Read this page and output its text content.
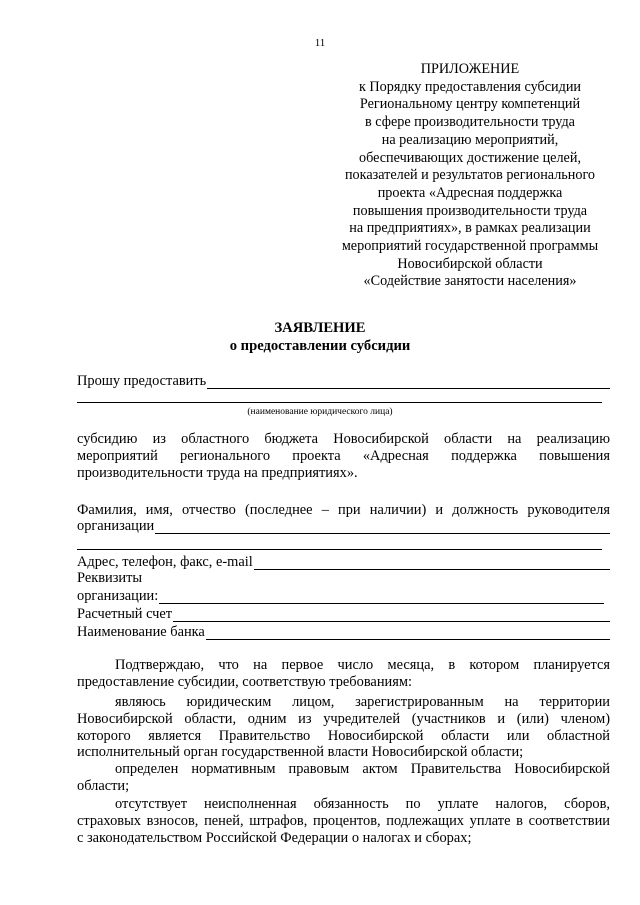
11
ПРИЛОЖЕНИЕ
к Порядку предоставления субсидии
Региональному центру компетенций
в сфере производительности труда
на реализацию мероприятий,
обеспечивающих достижение целей,
показателей и результатов регионального
проекта «Адресная поддержка
повышения производительности труда
на предприятиях», в рамках реализации
мероприятий государственной программы
Новосибирской области
«Содействие занятости населения»
ЗАЯВЛЕНИЕ
о предоставлении субсидии
Прошу предоставить
(наименование юридического лица)
субсидию из областного бюджета Новосибирской области на реализацию
мероприятий регионального проекта «Адресная поддержка повышения
производительности труда на предприятиях».
Фамилия, имя, отчество (последнее – при наличии) и должность руководителя
организации
Адрес, телефон, факс, e-mail
Реквизиты
организации:
Расчетный счет
Наименование банка
Подтверждаю, что на первое число месяца, в котором планируется
предоставление субсидии, соответствую требованиям:
являюсь юридическим лицом, зарегистрированным на территории
Новосибирской области, одним из учредителей (участников и (или) членом)
которого является Правительство Новосибирской области или областной
исполнительный орган государственной власти Новосибирской области;
определен нормативным правовым актом Правительства Новосибирской
области;
отсутствует неисполненная обязанность по уплате налогов, сборов,
страховых взносов, пеней, штрафов, процентов, подлежащих уплате в соответствии
с законодательством Российской Федерации о налогах и сборах;
